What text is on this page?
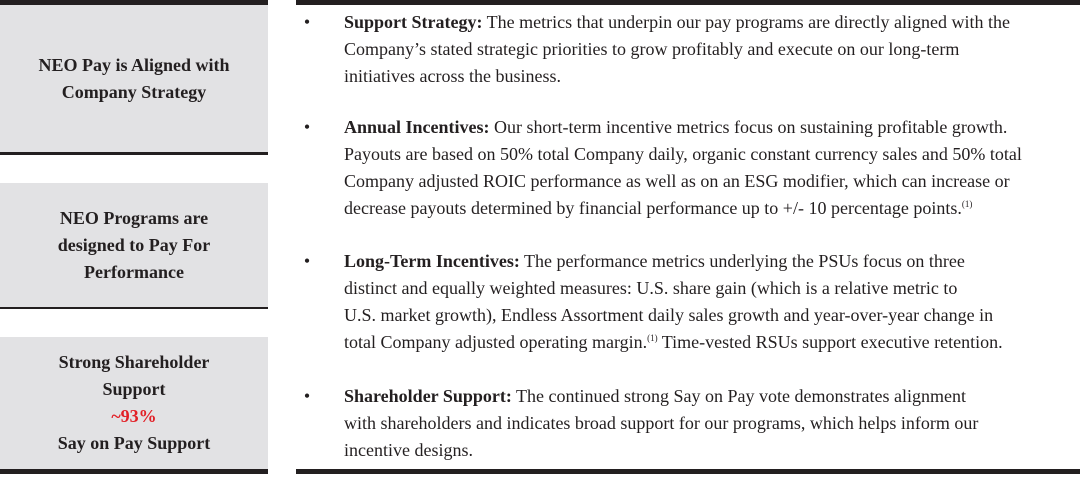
NEO Pay is Aligned with
Company Strategy
NEO Programs are
designed to Pay For
Performance
Strong Shareholder
Support
~93%
Say on Pay Support
• Support Strategy: The metrics that underpin our pay programs are directly aligned with the
Company’s stated strategic priorities to grow profitably and execute on our long-term
initiatives across the business.
• Annual Incentives: Our short-term incentive metrics focus on sustaining profitable growth.
Payouts are based on 50% total Company daily, organic constant currency sales and 50% total
Company adjusted ROIC performance as well as on an ESG modifier, which can increase or
decrease payouts determined by financial performance up to +/- 10 percentage points.$^{(1)}$
• Long-Term Incentives: The performance metrics underlying the PSUs focus on three
distinct and equally weighted measures: U.S. share gain (which is a relative metric to
U.S. market growth), Endless Assortment daily sales growth and year-over-year change in
total Company adjusted operating margin.$^{(1)}$ Time-vested RSUs support executive retention.
• Shareholder Support: The continued strong Say on Pay vote demonstrates alignment
with shareholders and indicates broad support for our programs, which helps inform our
incentive designs.
